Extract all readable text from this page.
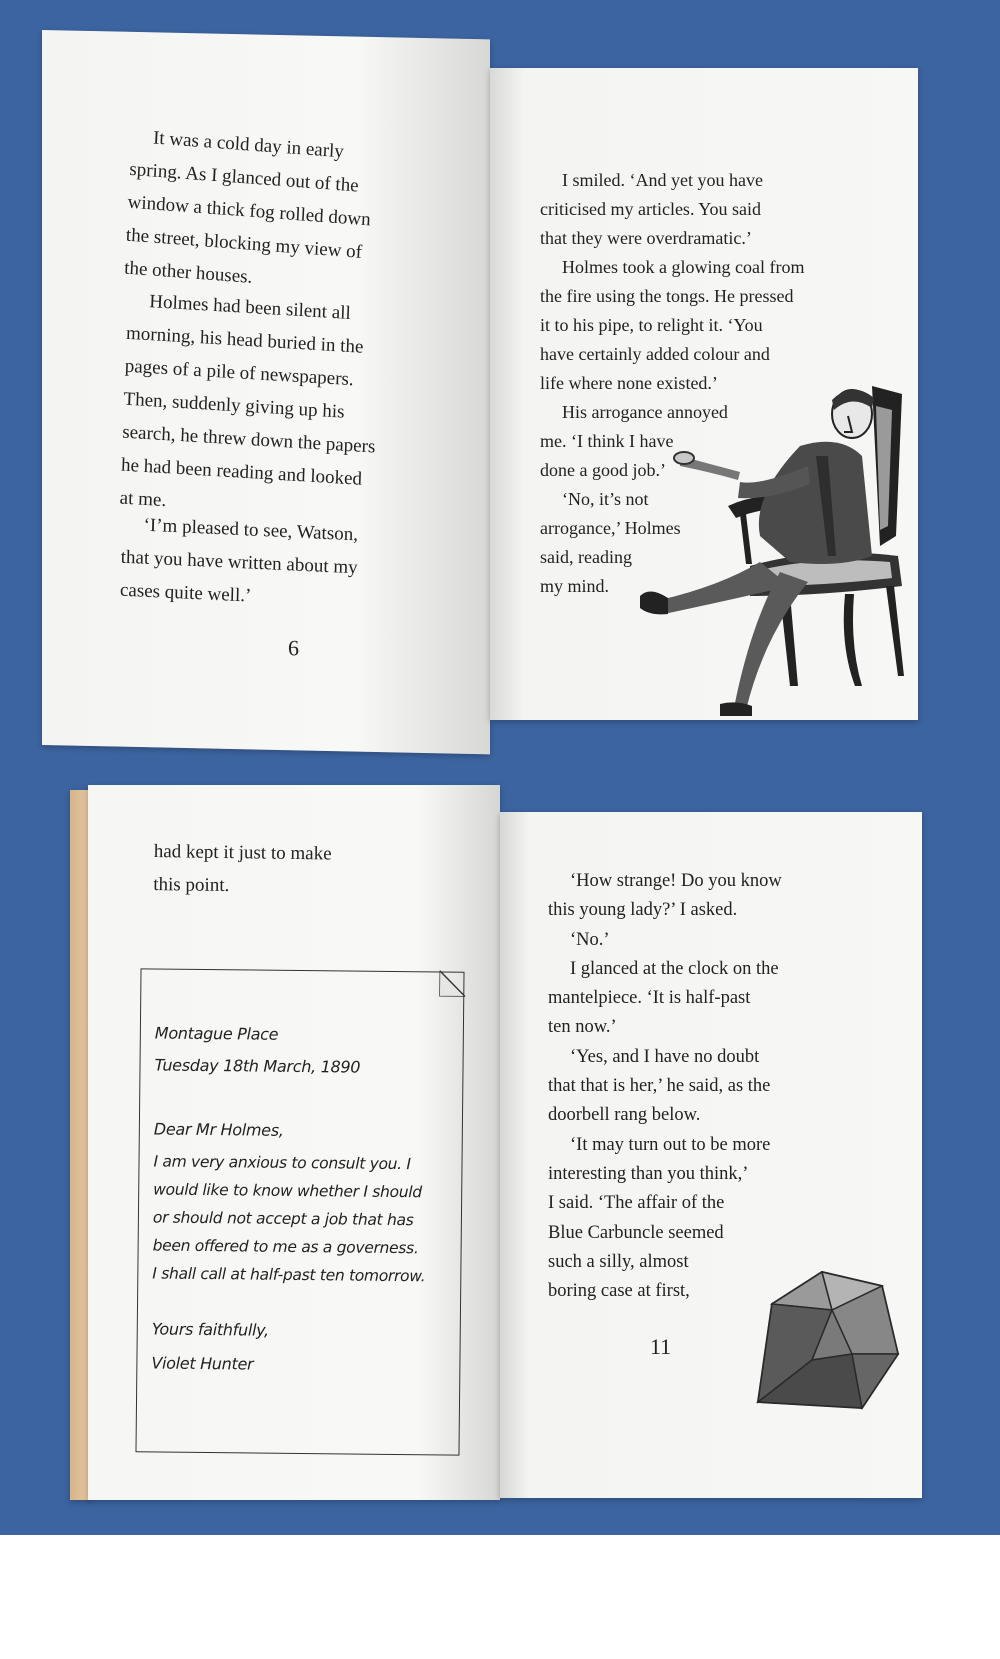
It was a cold day in early

spring. As I glanced out of the

window a thick fog rolled down

the street, blocking my view of

the other houses.

Holmes had been silent all

morning, his head buried in the

pages of a pile of newspapers.

Then, suddenly giving up his

search, he threw down the papers

he had been reading and looked

at me.

‘I’m pleased to see, Watson,

that you have written about my

cases quite well.’

6

I smiled. ‘And yet you have

criticised my articles. You said

that they were overdramatic.’

Holmes took a glowing coal from

the fire using the tongs. He pressed

it to his pipe, to relight it. ‘You

have certainly added colour and

life where none existed.’

His arrogance annoyed

me. ‘I think I have

done a good job.’

‘No, it’s not

arrogance,’ Holmes

said, reading

my mind.

had kept it just to make

this point.

Montague Place
Tuesday 18th March, 1890
Dear Mr Holmes,
I am very anxious to consult you. I
would like to know whether I should
or should not accept a job that has
been offered to me as a governess.
I shall call at half-past ten tomorrow.
Yours faithfully,
Violet Hunter

‘How strange! Do you know

this young lady?’ I asked.

‘No.’

I glanced at the clock on the

mantelpiece. ‘It is half-past

ten now.’

‘Yes, and I have no doubt

that that is her,’ he said, as the

doorbell rang below.

‘It may turn out to be more

interesting than you think,’

I said. ‘The affair of the

Blue Carbuncle seemed

such a silly, almost

boring case at first,

11
